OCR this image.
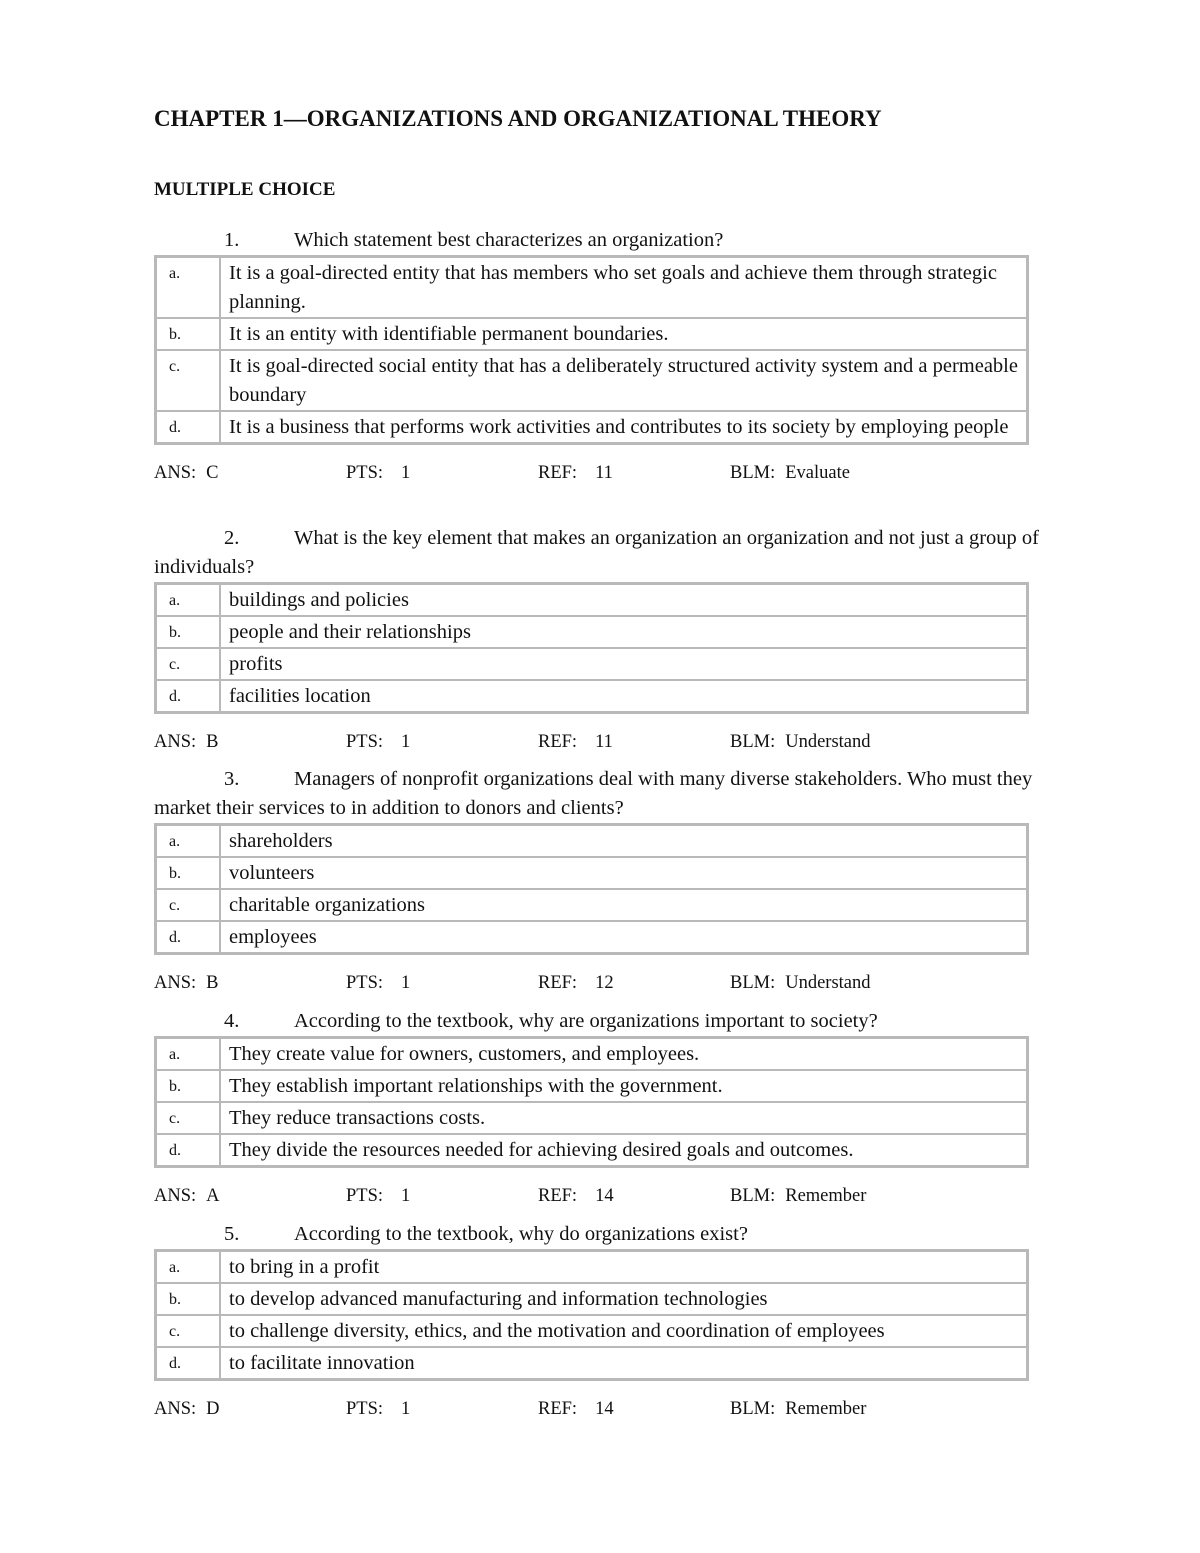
CHAPTER 1—ORGANIZATIONS AND ORGANIZATIONAL THEORY
MULTIPLE CHOICE

1.	Which statement best characterizes an organization?

a.	It is a goal-directed entity that has members who set goals and achieve them through strategic planning.
b.	It is an entity with identifiable permanent boundaries.
c.	It is goal-directed social entity that has a deliberately structured activity system and a permeable boundary
d.	It is a business that performs work activities and contributes to its society by employing people
ANS: C	PTS: 1	REF: 11	BLM: Evaluate

2.	What is the key element that makes an organization an organization and not just a group of individuals?

a.	buildings and policies
b.	people and their relationships
c.	profits
d.	facilities location
ANS: B	PTS: 1	REF: 11	BLM: Understand

3.	Managers of nonprofit organizations deal with many diverse stakeholders. Who must they market their services to in addition to donors and clients?

a.	shareholders
b.	volunteers
c.	charitable organizations
d.	employees
ANS: B	PTS: 1	REF: 12	BLM: Understand

4.	According to the textbook, why are organizations important to society?

a.	They create value for owners, customers, and employees.
b.	They establish important relationships with the government.
c.	They reduce transactions costs.
d.	They divide the resources needed for achieving desired goals and outcomes.
ANS: A	PTS: 1	REF: 14	BLM: Remember

5.	According to the textbook, why do organizations exist?

a.	to bring in a profit
b.	to develop advanced manufacturing and information technologies
c.	to challenge diversity, ethics, and the motivation and coordination of employees
d.	to facilitate innovation
ANS: D	PTS: 1	REF: 14	BLM: Remember
